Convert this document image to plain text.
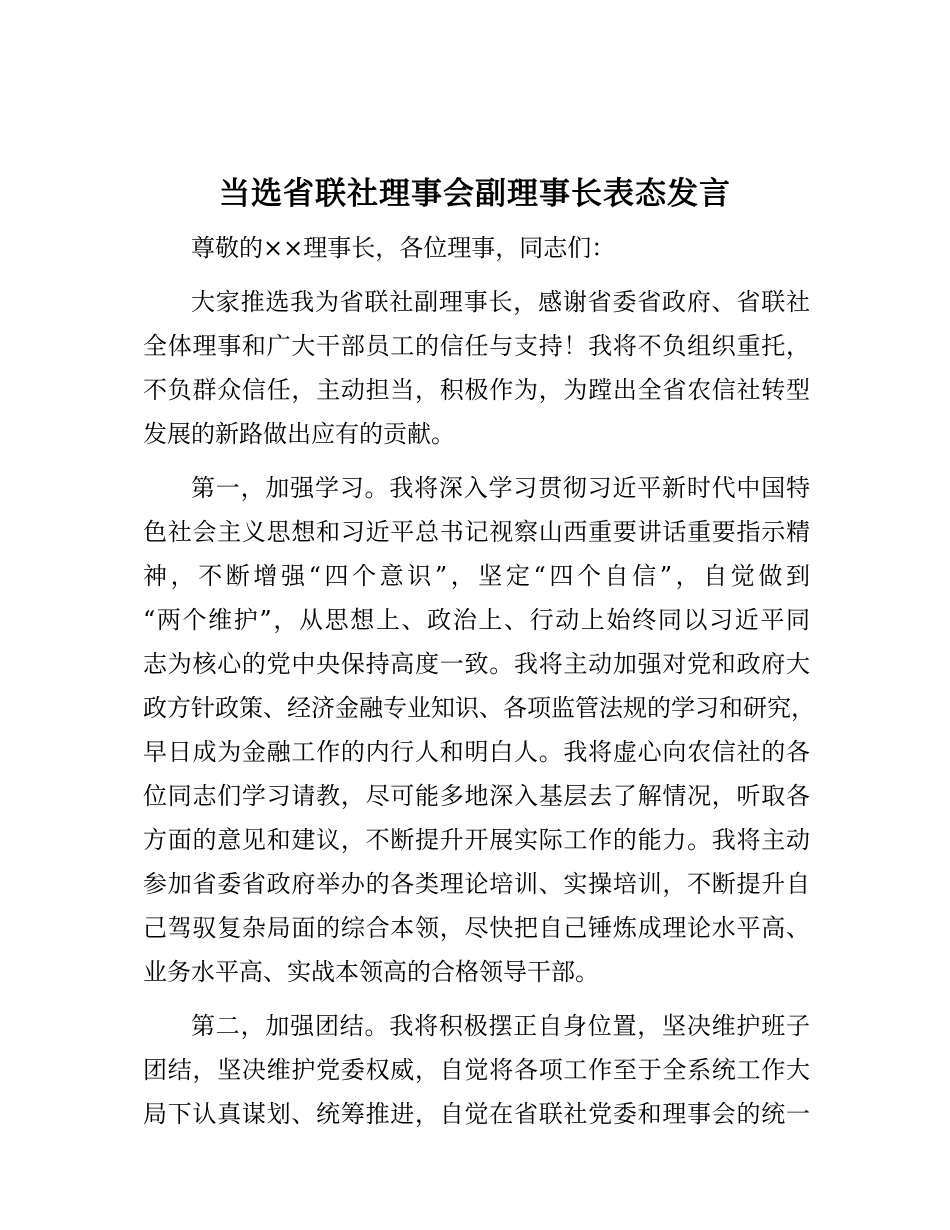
当选省联社理事会副理事长表态发言
尊敬的××理事长，各位理事，同志们：
大家推选我为省联社副理事长，感谢省委省政府、省联社
全体理事和广大干部员工的信任与支持！我将不负组织重托，
不负群众信任，主动担当，积极作为，为蹚出全省农信社转型
发展的新路做出应有的贡献。
第一，加强学习。我将深入学习贯彻习近平新时代中国特
色社会主义思想和习近平总书记视察山西重要讲话重要指示精
神，不断增强“四个意识”，坚定“四个自信”，自觉做到
“两个维护”，从思想上、政治上、行动上始终同以习近平同
志为核心的党中央保持高度一致。我将主动加强对党和政府大
政方针政策、经济金融专业知识、各项监管法规的学习和研究，
早日成为金融工作的内行人和明白人。我将虚心向农信社的各
位同志们学习请教，尽可能多地深入基层去了解情况，听取各
方面的意见和建议，不断提升开展实际工作的能力。我将主动
参加省委省政府举办的各类理论培训、实操培训，不断提升自
己驾驭复杂局面的综合本领，尽快把自己锤炼成理论水平高、
业务水平高、实战本领高的合格领导干部。
第二，加强团结。我将积极摆正自身位置，坚决维护班子
团结，坚决维护党委权威，自觉将各项工作至于全系统工作大
局下认真谋划、统筹推进，自觉在省联社党委和理事会的统一
